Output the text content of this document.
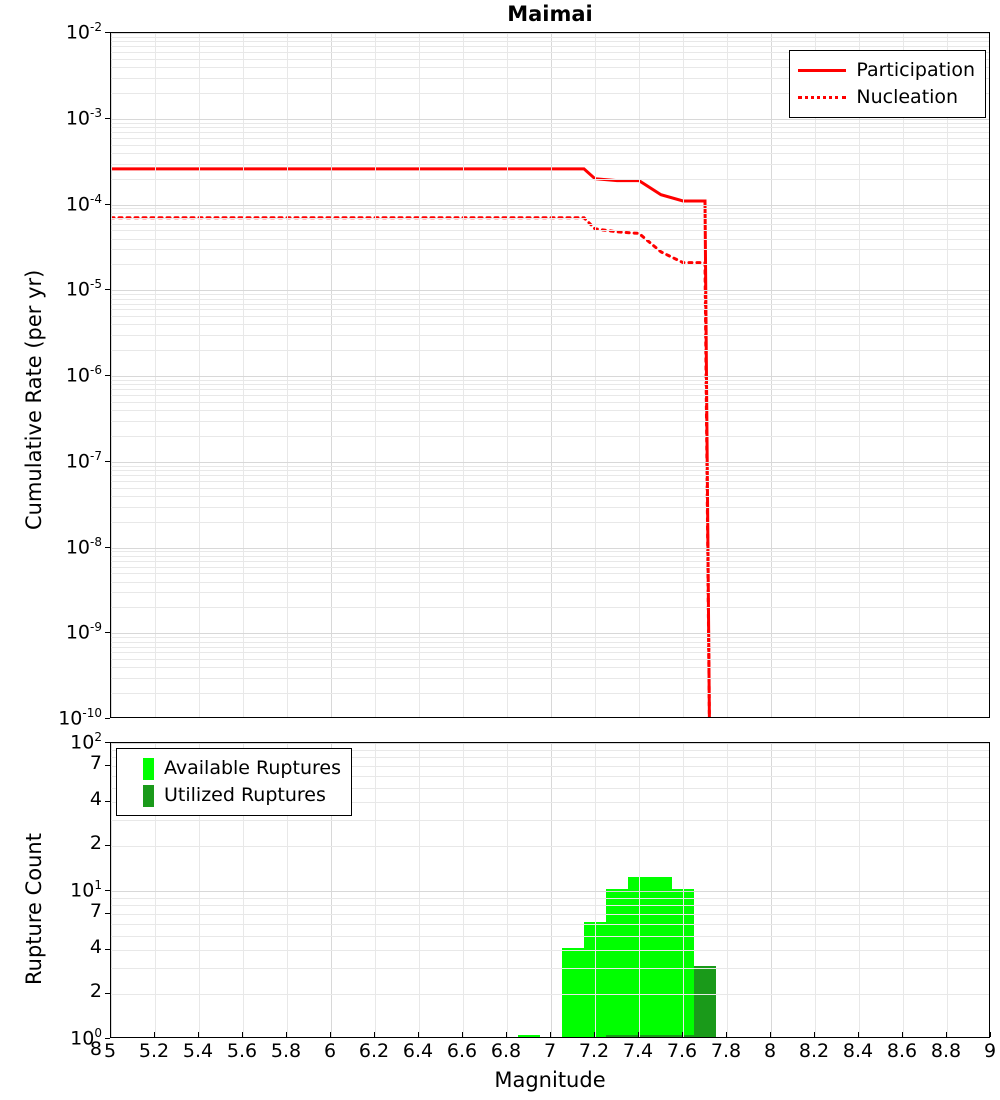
Maimai
Participation
Nucleation
$10^{-2}$
$10^{-3}$
$10^{-4}$
$10^{-5}$
$10^{-6}$
$10^{-7}$
$10^{-8}$
$10^{-9}$
$10^{-10}$
Cumulative Rate (per yr)
Available Ruptures
Utilized Ruptures
$10^2$
7
4
2
$10^1$
7
4
2
$10^0$
8
Rupture Count
5	5.2 5.4 5.6 5.8	6	6.2 6.4 6.6 6.8	7	7.2 7.4 7.6 7.8	8	8.2 8.4 8.6 8.8	9
Magnitude
